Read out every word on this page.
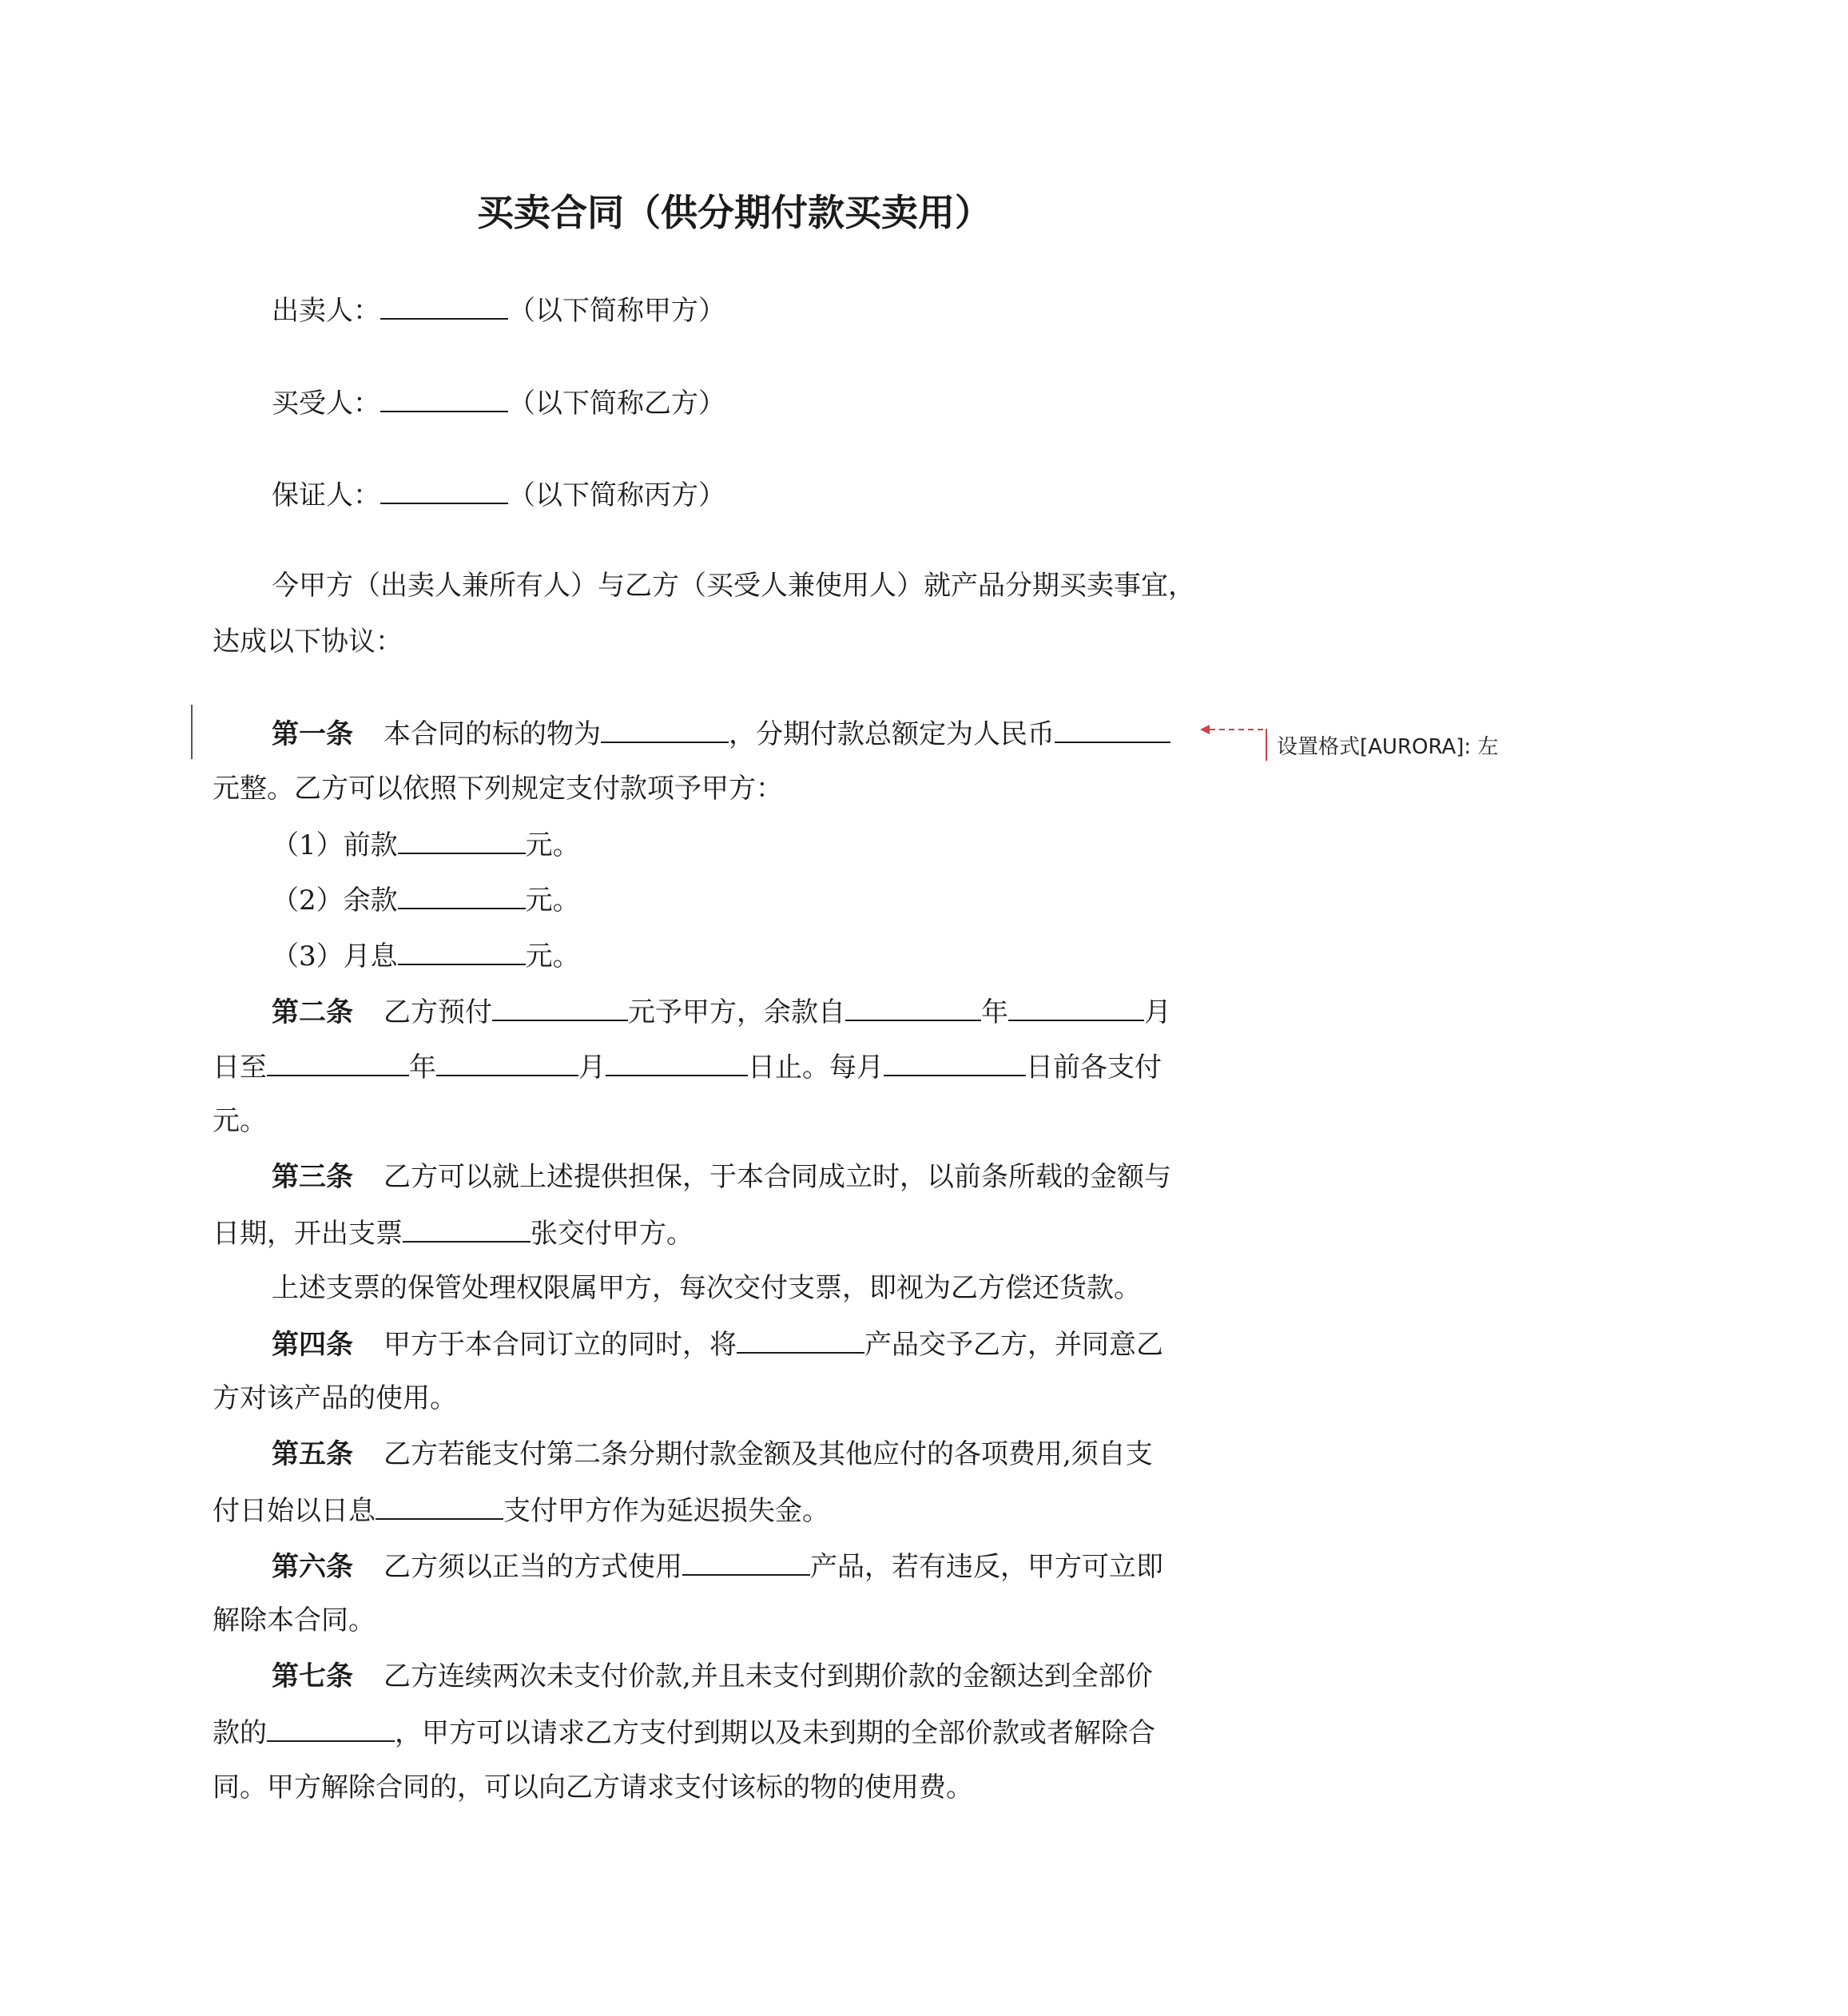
买卖合同（供分期付款买卖用）
出卖人：	（以下简称甲方）
买受人：	（以下简称乙方）
保证人：	（以下简称丙方）
今甲方（出卖人兼所有人）与乙方（买受人兼使用人）就产品分期买卖事宜，
达成以下协议：
第一条 本合同的标的物为	，分期付款总额定为人民币
元整。乙方可以依照下列规定支付款项予甲方：
（1）前款	元。
（2）余款	元。
（3）月息	元。
第二条 乙方预付	元予甲方，余款自	年	月
日至	年	月	日止。每月	日前各支付
元。
第三条 乙方可以就上述提供担保，于本合同成立时，以前条所载的金额与
日期，开出支票	张交付甲方。
上述支票的保管处理权限属甲方，每次交付支票，即视为乙方偿还货款。
第四条 甲方于本合同订立的同时，将	产品交予乙方，并同意乙
方对该产品的使用。
第五条 乙方若能支付第二条分期付款金额及其他应付的各项费用,须自支
付日始以日息	支付甲方作为延迟损失金。
第六条 乙方须以正当的方式使用	产品，若有违反，甲方可立即
解除本合同。
第七条 乙方连续两次未支付价款,并且未支付到期价款的金额达到全部价
款的	，甲方可以请求乙方支付到期以及未到期的全部价款或者解除合
同。甲方解除合同的，可以向乙方请求支付该标的物的使用费。
设置格式[AURORA]: 左
